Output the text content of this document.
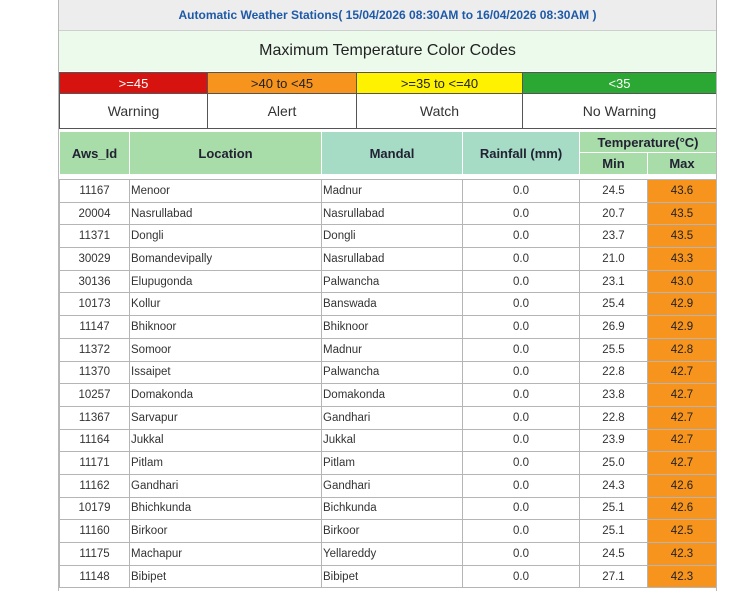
Automatic Weather Stations( 15/04/2026 08:30AM to 16/04/2026 08:30AM )
Maximum Temperature Color Codes
>=45	>40 to <45	>=35 to <=40	<35
Warning	Alert	Watch	No Warning
Aws_Id	Location	Mandal	Rainfall (mm)	Temperature(°C)	
				Min	Max

11167	Menoor	Madnur	0.0	24.5	43.6
20004	Nasrullabad	Nasrullabad	0.0	20.7	43.5
11371	Dongli	Dongli	0.0	23.7	43.5
30029	Bomandevipally	Nasrullabad	0.0	21.0	43.3
30136	Elupugonda	Palwancha	0.0	23.1	43.0
10173	Kollur	Banswada	0.0	25.4	42.9
11147	Bhiknoor	Bhiknoor	0.0	26.9	42.9
11372	Somoor	Madnur	0.0	25.5	42.8
11370	Issaipet	Palwancha	0.0	22.8	42.7
10257	Domakonda	Domakonda	0.0	23.8	42.7
11367	Sarvapur	Gandhari	0.0	22.8	42.7
11164	Jukkal	Jukkal	0.0	23.9	42.7
11171	Pitlam	Pitlam	0.0	25.0	42.7
11162	Gandhari	Gandhari	0.0	24.3	42.6
10179	Bhichkunda	Bichkunda	0.0	25.1	42.6
11160	Birkoor	Birkoor	0.0	25.1	42.5
11175	Machapur	Yellareddy	0.0	24.5	42.3
11148	Bibipet	Bibipet	0.0	27.1	42.3
